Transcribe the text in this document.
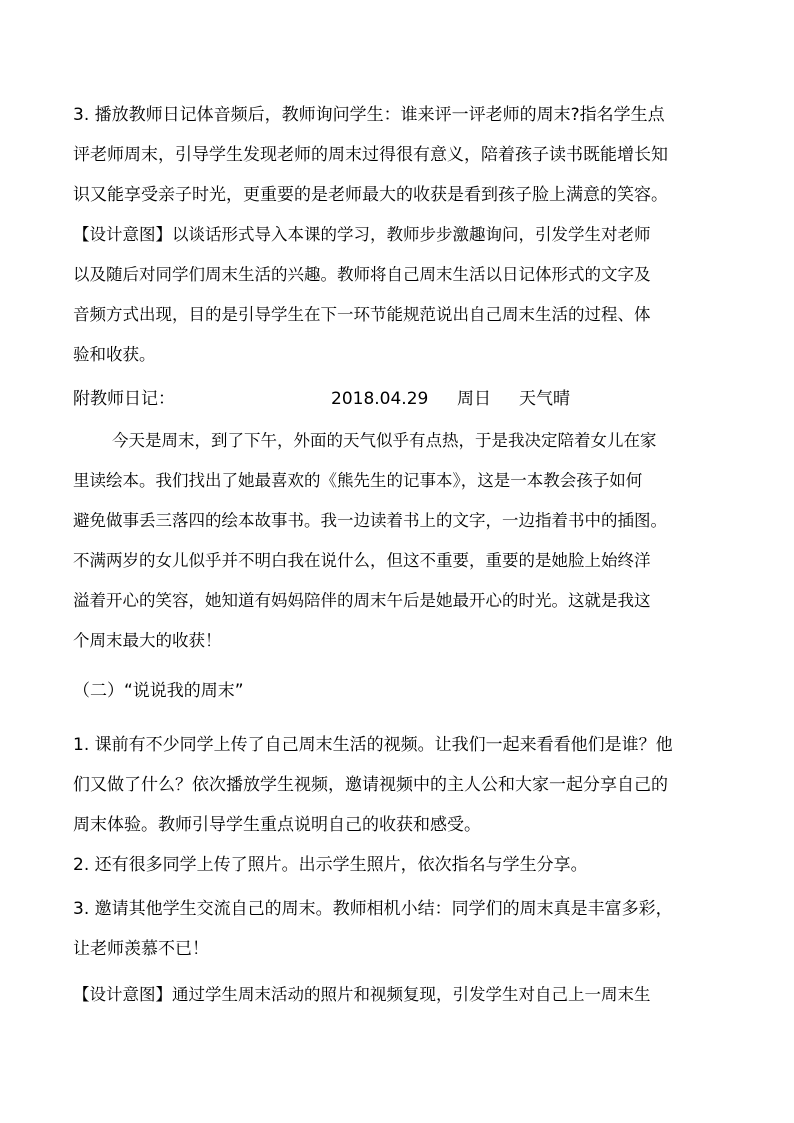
3. 播放教师日记体音频后，教师询问学生：谁来评一评老师的周末?指名学生点
评老师周末，引导学生发现老师的周末过得很有意义，陪着孩子读书既能增长知
识又能享受亲子时光，更重要的是老师最大的收获是看到孩子脸上满意的笑容。
【设计意图】以谈话形式导入本课的学习，教师步步激趣询问，引发学生对老师
以及随后对同学们周末生活的兴趣。教师将自己周末生活以日记体形式的文字及
音频方式出现，目的是引导学生在下一环节能规范说出自己周末生活的过程、体
验和收获。
附教师日记：	2018.04.29 周日 天气晴
今天是周末，到了下午，外面的天气似乎有点热，于是我决定陪着女儿在家
里读绘本。我们找出了她最喜欢的《熊先生的记事本》，这是一本教会孩子如何
避免做事丢三落四的绘本故事书。我一边读着书上的文字，一边指着书中的插图。
不满两岁的女儿似乎并不明白我在说什么，但这不重要，重要的是她脸上始终洋
溢着开心的笑容，她知道有妈妈陪伴的周末午后是她最开心的时光。这就是我这
个周末最大的收获！
（二）“说说我的周末”
1. 课前有不少同学上传了自己周末生活的视频。让我们一起来看看他们是谁？他
们又做了什么？依次播放学生视频，邀请视频中的主人公和大家一起分享自己的
周末体验。教师引导学生重点说明自己的收获和感受。
2. 还有很多同学上传了照片。出示学生照片，依次指名与学生分享。
3. 邀请其他学生交流自己的周末。教师相机小结：同学们的周末真是丰富多彩，
让老师羡慕不已！
【设计意图】通过学生周末活动的照片和视频复现，引发学生对自己上一周末生
